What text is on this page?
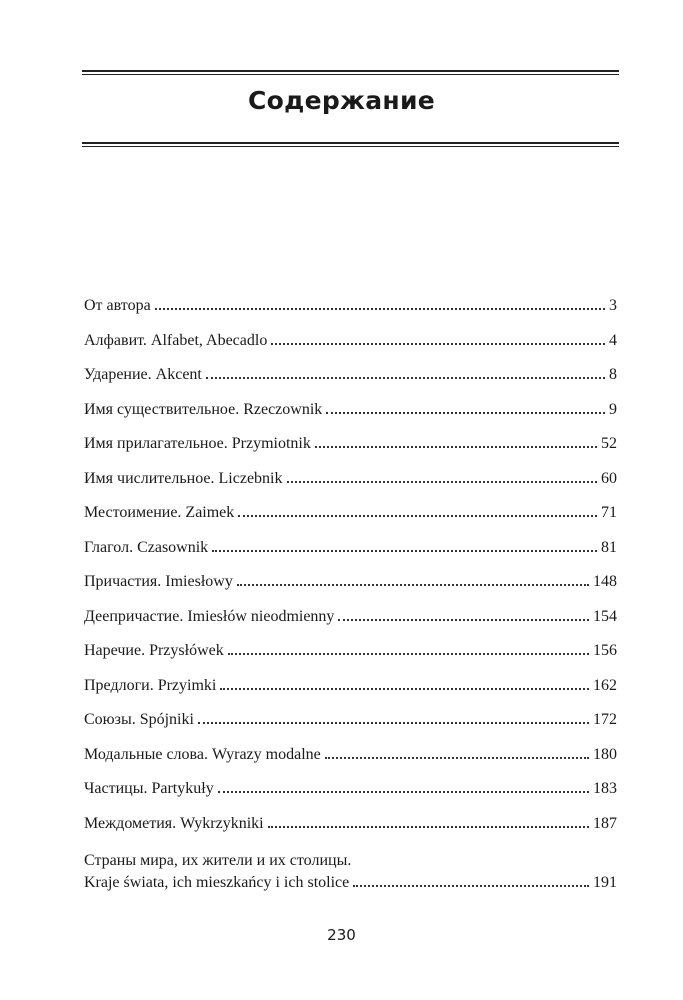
Содержание
От автора	3
Алфавит. Alfabet, Abecadlo	4
Ударение. Akcent	8
Имя существительное. Rzeczownik	9
Имя прилагательное. Przymiotnik	52
Имя числительное. Liczebnik	60
Местоимение. Zaimek	71
Глагол. Czasownik	81
Причастия. Imiesłowy	148
Деепричастие. Imiesłów nieodmienny	154
Наречие. Przysłówek	156
Предлоги. Przyimki	162
Союзы. Spójniki	172
Модальные слова. Wyrazy modalne	180
Частицы. Partykuły	183
Междометия. Wykrzykniki	187
Страны мира, их жители и их столицы.
Kraje świata, ich mieszkańcy i ich stolice	191
230
